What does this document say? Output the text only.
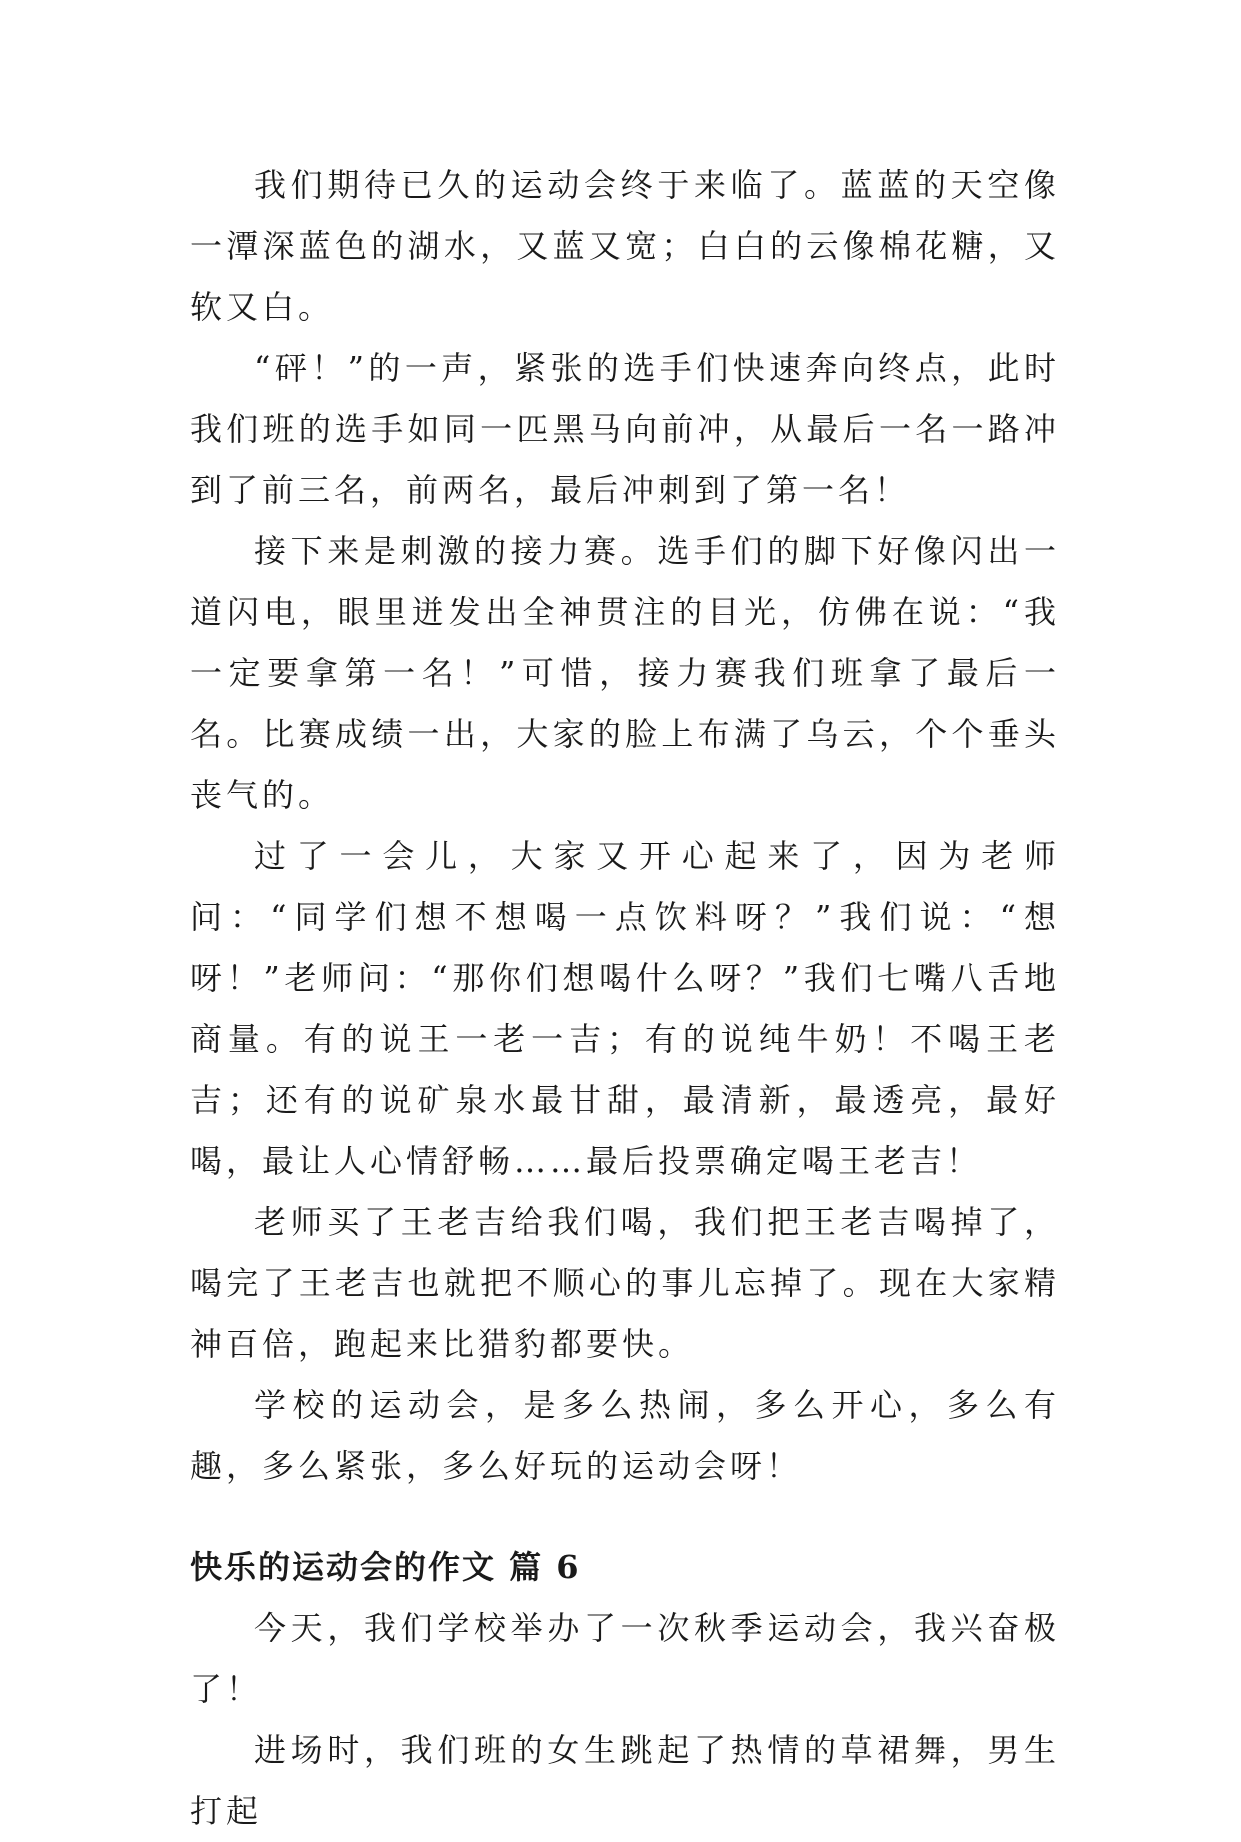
我们期待已久的运动会终于来临了。蓝蓝的天空像一潭深蓝色的湖水，又蓝又宽；白白的云像棉花糖，又软又白。

“砰！”的一声，紧张的选手们快速奔向终点，此时我们班的选手如同一匹黑马向前冲，从最后一名一路冲到了前三名，前两名，最后冲刺到了第一名！

接下来是刺激的接力赛。选手们的脚下好像闪出一道闪电，眼里迸发出全神贯注的目光，仿佛在说：“我一定要拿第一名！”可惜，接力赛我们班拿了最后一名。比赛成绩一出，大家的脸上布满了乌云，个个垂头丧气的。

过了一会儿，大家又开心起来了，因为老师问：“同学们想不想喝一点饮料呀？”我们说：“想呀！”老师问：“那你们想喝什么呀？”我们七嘴八舌地商量。有的说王一老一吉；有的说纯牛奶！不喝王老吉；还有的说矿泉水最甘甜，最清新，最透亮，最好喝，最让人心情舒畅……最后投票确定喝王老吉！

老师买了王老吉给我们喝，我们把王老吉喝掉了，喝完了王老吉也就把不顺心的事儿忘掉了。现在大家精神百倍，跑起来比猎豹都要快。

学校的运动会，是多么热闹，多么开心，多么有趣，多么紧张，多么好玩的运动会呀！

快乐的运动会的作文 篇 6

今天，我们学校举办了一次秋季运动会，我兴奋极了！

进场时，我们班的女生跳起了热情的草裙舞，男生打起
